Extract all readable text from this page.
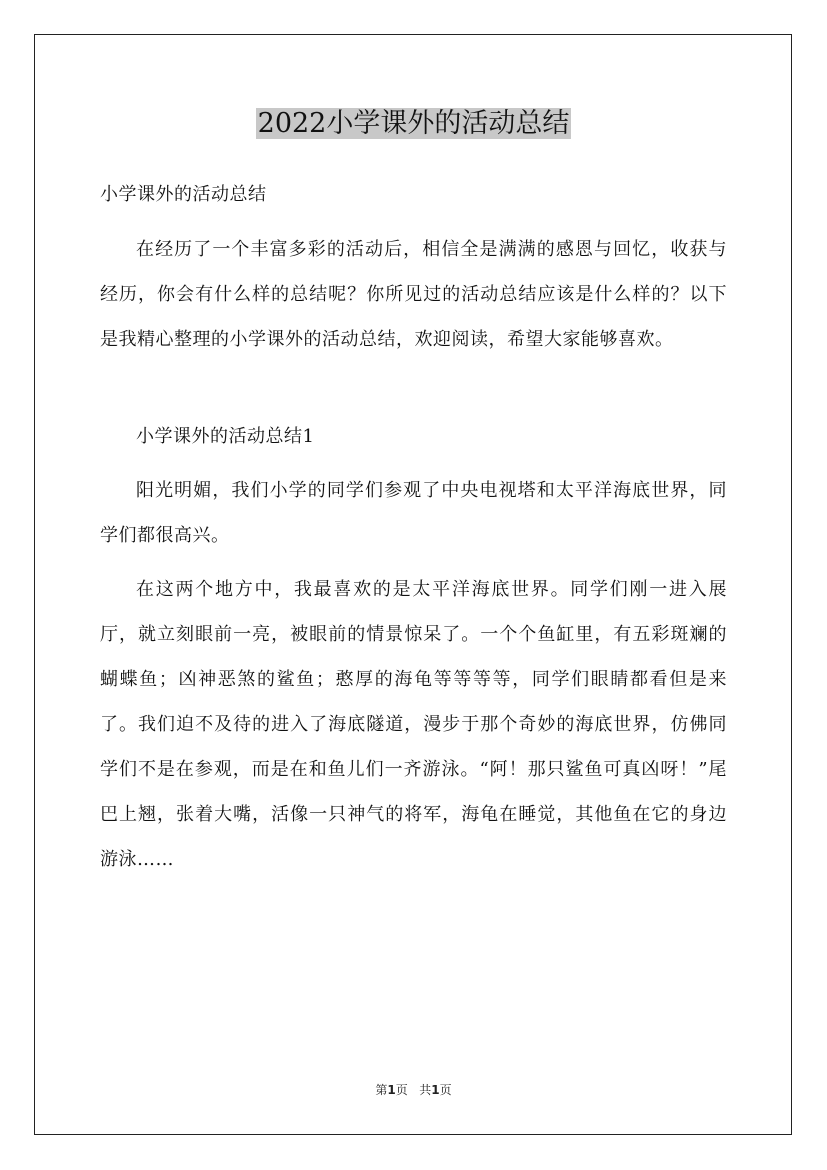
2022小学课外的活动总结

小学课外的活动总结

在经历了一个丰富多彩的活动后，相信全是满满的感恩与回忆，收获与经历，你会有什么样的总结呢？你所见过的活动总结应该是什么样的？以下是我精心整理的小学课外的活动总结，欢迎阅读，希望大家能够喜欢。

小学课外的活动总结1

阳光明媚，我们小学的同学们参观了中央电视塔和太平洋海底世界，同学们都很高兴。

在这两个地方中，我最喜欢的是太平洋海底世界。同学们刚一进入展厅，就立刻眼前一亮，被眼前的情景惊呆了。一个个鱼缸里，有五彩斑斓的蝴蝶鱼；凶神恶煞的鲨鱼；憨厚的海龟等等等等，同学们眼睛都看但是来了。我们迫不及待的进入了海底隧道，漫步于那个奇妙的海底世界，仿佛同学们不是在参观，而是在和鱼儿们一齐游泳。“阿！那只鲨鱼可真凶呀！”尾巴上翘，张着大嘴，活像一只神气的将军，海龟在睡觉，其他鱼在它的身边游泳……

第1页 共1页
